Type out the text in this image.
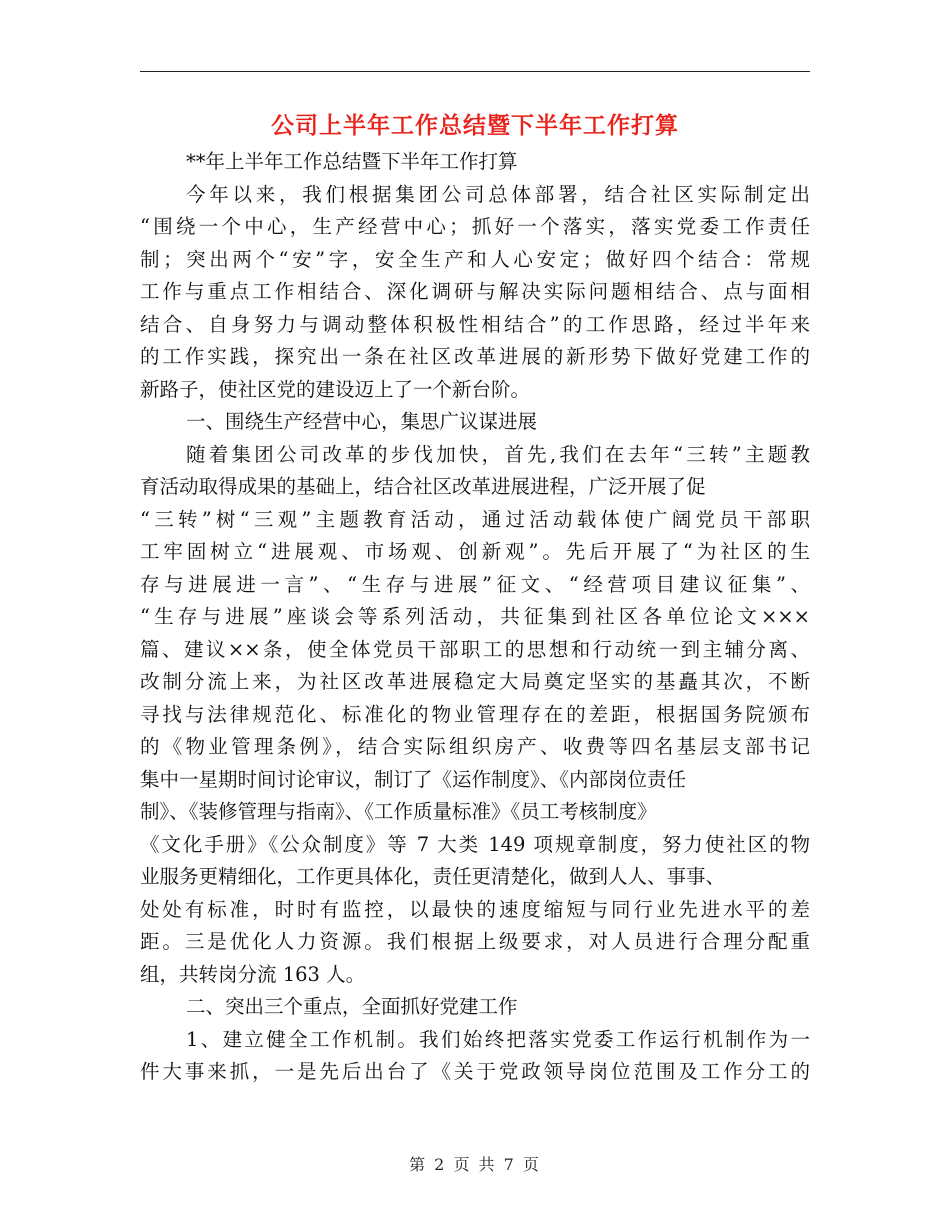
公司上半年工作总结暨下半年工作打算
**年上半年工作总结暨下半年工作打算
今年以来，我们根据集团公司总体部署，结合社区实际制定出
“围绕一个中心，生产经营中心；抓好一个落实，落实党委工作责任
制；突出两个“安”字，安全生产和人心安定；做好四个结合：常规
工作与重点工作相结合、深化调研与解决实际问题相结合、点与面相
结合、自身努力与调动整体积极性相结合”的工作思路，经过半年来
的工作实践，探究出一条在社区改革进展的新形势下做好党建工作的
新路子，使社区党的建设迈上了一个新台阶。
一、围绕生产经营中心，集思广议谋进展
随着集团公司改革的步伐加快，首先,我们在去年“三转”主题教
育活动取得成果的基础上，结合社区改革进展进程，广泛开展了促
“三转”树“三观”主题教育活动，通过活动载体使广阔党员干部职
工牢固树立“进展观、市场观、创新观”。先后开展了“为社区的生
存与进展进一言”、“生存与进展”征文、“经营项目建议征集”、
“生存与进展”座谈会等系列活动，共征集到社区各单位论文×××
篇、建议××条，使全体党员干部职工的思想和行动统一到主辅分离、
改制分流上来，为社区改革进展稳定大局奠定坚实的基矗其次，不断
寻找与法律规范化、标准化的物业管理存在的差距，根据国务院颁布
的《物业管理条例》，结合实际组织房产、收费等四名基层支部书记
集中一星期时间讨论审议，制订了《运作制度》、《内部岗位责任
制》、《装修管理与指南》、《工作质量标准》《员工考核制度》
《文化手册》《公众制度》等 7 大类 149 项规章制度，努力使社区的物
业服务更精细化，工作更具体化，责任更清楚化，做到人人、事事、
处处有标准，时时有监控，以最快的速度缩短与同行业先进水平的差
距。三是优化人力资源。我们根据上级要求，对人员进行合理分配重
组，共转岗分流 163 人。
二、突出三个重点，全面抓好党建工作
1、建立健全工作机制。我们始终把落实党委工作运行机制作为一
件大事来抓，一是先后出台了《关于党政领导岗位范围及工作分工的
第 2 页 共 7 页
